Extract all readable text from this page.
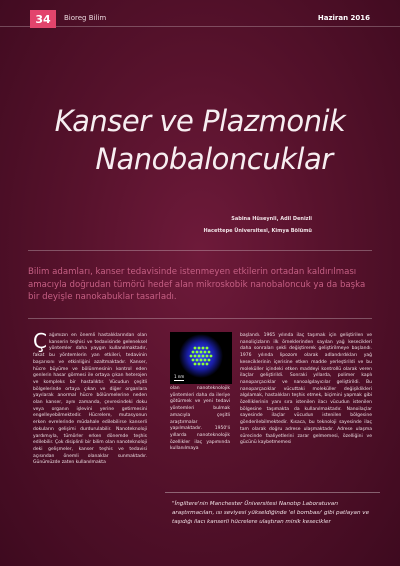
34	Bioreg Bilim	Haziran 2016
Kanser ve Plazmonik
Nanobaloncuklar
Sabina Hüseynli, Adil Denizli
Hacettepe Üniversitesi, Kimya Bölümü
Bilim adamları, kanser tedavisinde istenmeyen etkilerin ortadan kaldırılması amacıyla doğrudan tümörü hedef alan mikroskobik nanobaloncuk ya da başka bir deyişle nanokabuklar tasarladı.
Ç ağımızın en önemli hastalıklarından olan kanserin teşhisi ve tedavisinde geleneksel yöntemler daha yaygın kullanılmaktadır, fakat bu yöntemlerin yan etkileri, tedavinin başarısını ve etkinliğini azaltmaktadır. Kanser, hücre büyüme ve bölünmesinin kontrol eden genlerin hasar görmesi ile ortaya çıkan heterojen ve kompleks bir hastalıktır. Vücudun çeşitli bölgelerinde ortaya çıkan ve diğer organlara yayılarak anormal hücre bölünmelerine neden olan kanser, aynı zamanda, çevresindeki doku veya organın işlevini yerine getirmesini engelleyebilmektedir. Hücrelere, mutasyonun erken evrelerinde müdahale edilebilirse kanserli dokuların gelişimi durdurulabilir. Nanoteknoloji yardımıyla, tümörler erken dönemde teşhis edilebilir. Çok disiplinli bir bilim olan nanoteknoloji deki gelişmeler, kanser teşhis ve tedavisi açısından önemli olanaklar sunmaktadır. Günümüzde zaten kullanılmakta
1 nm
olan nanoteknolojik yöntemleri daha da ileriye götürmek ve yeni tedavi yöntemleri bulmak amacıyla çeşitli araştırmalar yapılmaktadır. 1950'li yıllarda nanoteknolojik özellikler ilaç yapımında kullanılmaya
başlandı. 1965 yılında ilaç taşımak için geliştirilen ve nanoliçizların ilk örneklerinden sayılan yağ kesecikleri daha sonraları şekli değiştirerek geliştirilmeye başlandı. 1976 yılında lipozom olarak adlandırdıkları yağ keseciklerinin içerisine etken madde yerleştirildi ve bu moleküller içindeki etken maddeyi kontrollü olarak veren ilaçlar geliştirildi. Sonraki yıllarda, polimer kaplı nanoparçacıklar ve nanoalgılayıcılar geliştirildi. Bu nanoparçacıklar vücuttaki moleküller değişiklikleri algılamak, hastalıkları teşhis etmek, biçimini yapmak gibi özelliklerinin yanı sıra istenilen ilacı vücudun istenilen bölgesine taşımakta da kullanılmaktadır. Nanoilaçlar sayesinde ilaçlar vücudun istenilen bölgesine gönderilebilmektedir. Kısaca, bu teknoloji sayesinde ilaç tam olarak doğru adrese ulaşmaktadır. Adrese ulaşma sürecinde faaliyetlerini zarar gelmemesi, özelliğini ve gücünü kaybetmemesi
"İngiltere'nin Manchester Üniversitesi Nanotıp Laboratuvarı araştırmacıları, ısı seviyesi yükseldiğinde 'el bombası' gibi patlayan ve taşıdığı ilacı kanserli hücrelere ulaştıran minik kesecikler
